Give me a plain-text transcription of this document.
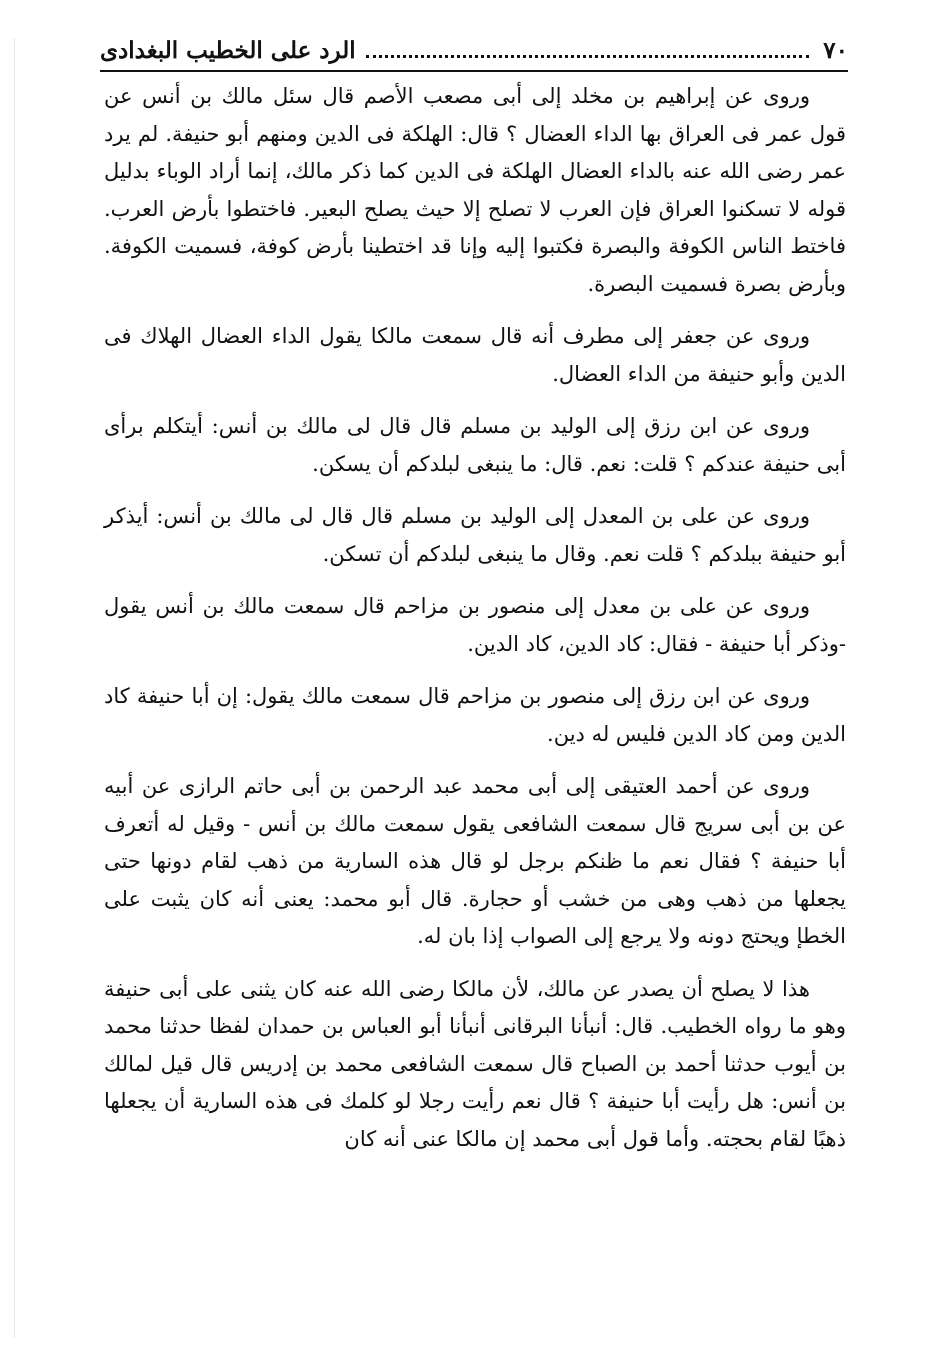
٧٠
الرد على الخطيب البغدادى

وروى عن إبراهيم بن مخلد إلى أبى مصعب الأصم قال سئل مالك بن أنس عن قول عمر فى العراق بها الداء العضال ؟ قال: الهلكة فى الدين ومنهم أبو حنيفة. لم يرد عمر رضى الله عنه بالداء العضال الهلكة فى الدين كما ذكر مالك، إنما أراد الوباء بدليل قوله لا تسكنوا العراق فإن العرب لا تصلح إلا حيث يصلح البعير. فاختطوا بأرض العرب. فاختط الناس الكوفة والبصرة فكتبوا إليه وإنا قد اختطينا بأرض كوفة، فسميت الكوفة. وبأرض بصرة فسميت البصرة.

وروى عن جعفر إلى مطرف أنه قال سمعت مالكا يقول الداء العضال الهلاك فى الدين وأبو حنيفة من الداء العضال.

وروى عن ابن رزق إلى الوليد بن مسلم قال قال لى مالك بن أنس: أيتكلم برأى أبى حنيفة عندكم ؟ قلت: نعم. قال: ما ينبغى لبلدكم أن يسكن.

وروى عن على بن المعدل إلى الوليد بن مسلم قال قال لى مالك بن أنس: أيذكر أبو حنيفة ببلدكم ؟ قلت نعم. وقال ما ينبغى لبلدكم أن تسكن.

وروى عن على بن معدل إلى منصور بن مزاحم قال سمعت مالك بن أنس يقول -وذكر أبا حنيفة - فقال: كاد الدين، كاد الدين.

وروى عن ابن رزق إلى منصور بن مزاحم قال سمعت مالك يقول: إن أبا حنيفة كاد الدين ومن كاد الدين فليس له دين.

وروى عن أحمد العتيقى إلى أبى محمد عبد الرحمن بن أبى حاتم الرازى عن أبيه عن بن أبى سريج قال سمعت الشافعى يقول سمعت مالك بن أنس - وقيل له أتعرف أبا حنيفة ؟ فقال نعم ما ظنكم برجل لو قال هذه السارية من ذهب لقام دونها حتى يجعلها من ذهب وهى من خشب أو حجارة. قال أبو محمد: يعنى أنه كان يثبت على الخطإ ويحتج دونه ولا يرجع إلى الصواب إذا بان له.

هذا لا يصلح أن يصدر عن مالك، لأن مالكا رضى الله عنه كان يثنى على أبى حنيفة وهو ما رواه الخطيب. قال: أنبأنا البرقانى أنبأنا أبو العباس بن حمدان لفظا حدثنا محمد بن أيوب حدثنا أحمد بن الصباح قال سمعت الشافعى محمد بن إدريس قال قيل لمالك بن أنس: هل رأيت أبا حنيفة ؟ قال نعم رأيت رجلا لو كلمك فى هذه السارية أن يجعلها ذهبًا لقام بحجته. وأما قول أبى محمد إن مالكا عنى أنه كان
